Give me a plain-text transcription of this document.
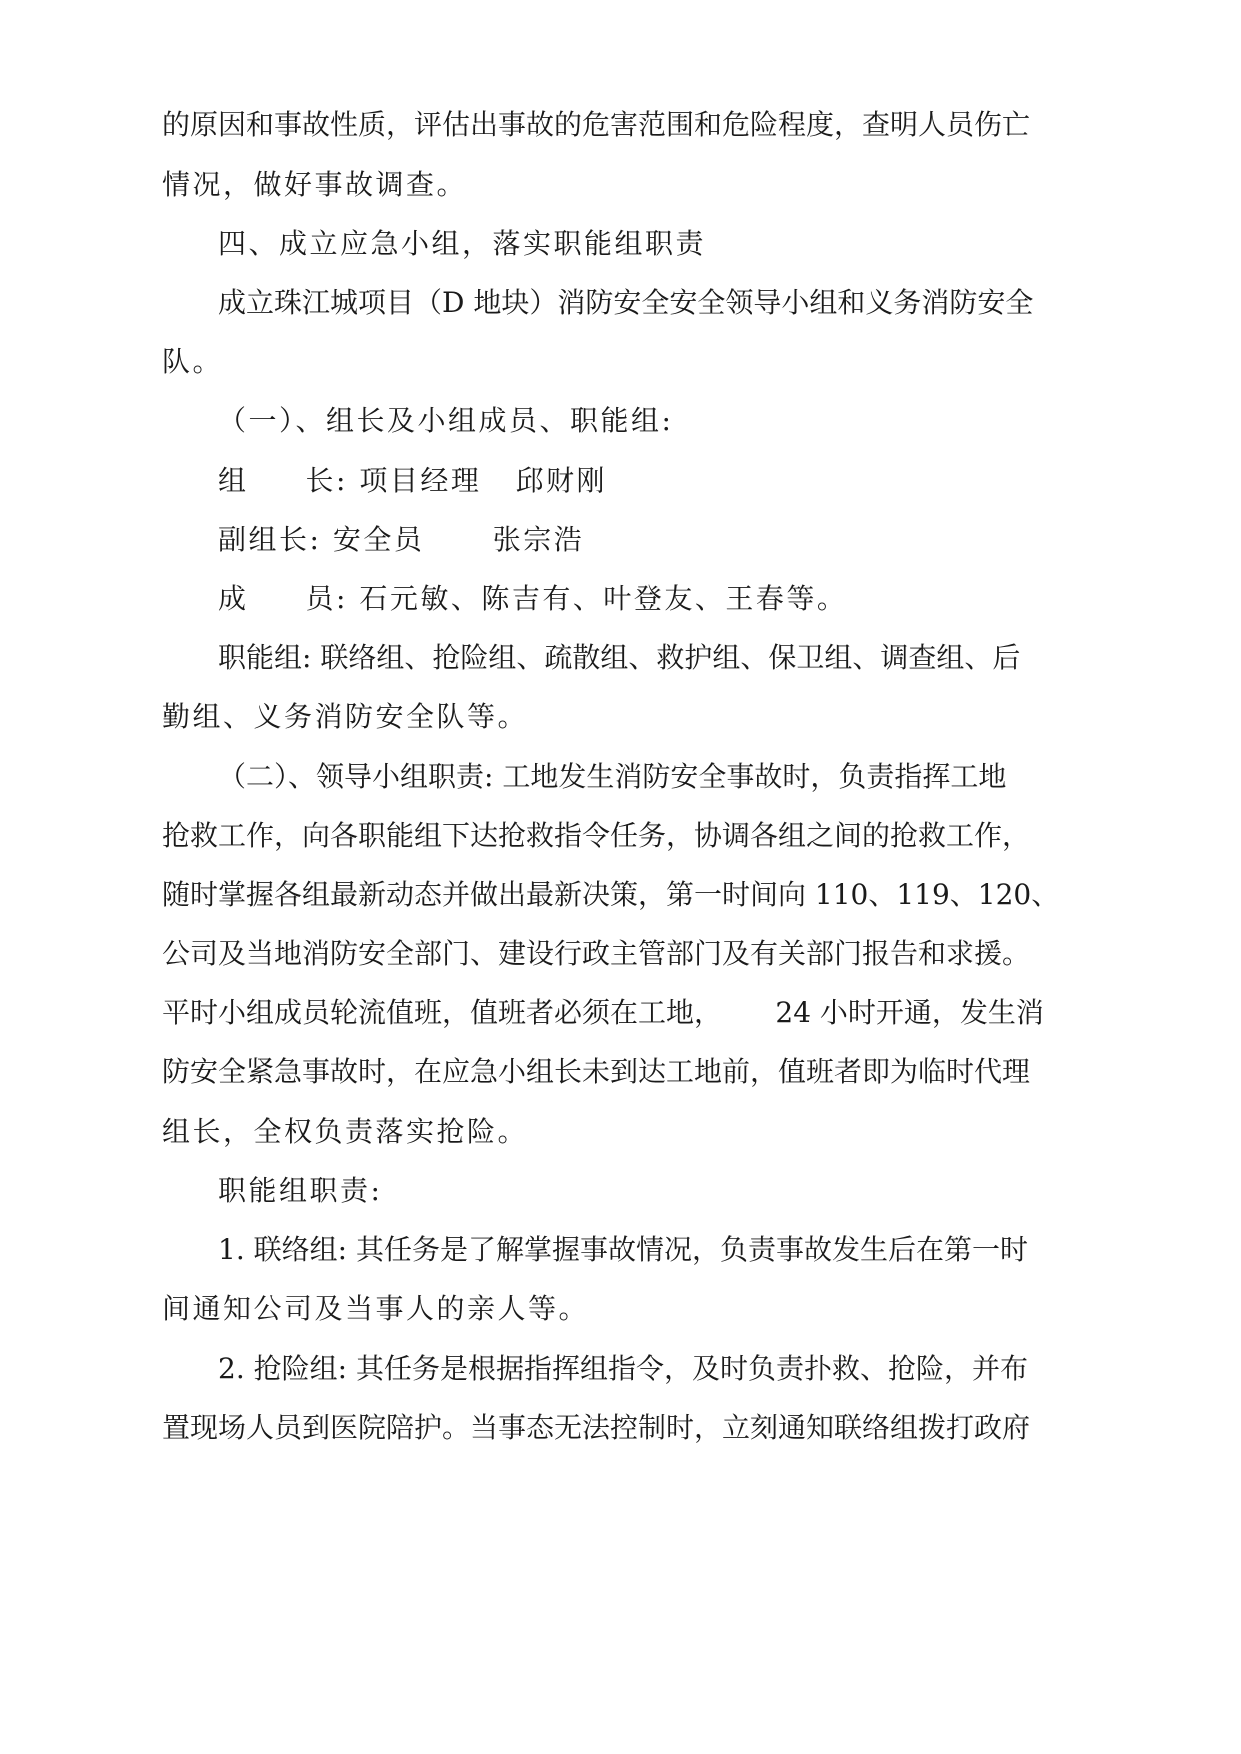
的原因和事故性质，评估出事故的危害范围和危险程度，查明人员伤亡
情况，做好事故调查。
四、成立应急小组，落实职能组职责
成立珠江城项目（D 地块）消防安全安全领导小组和义务消防安全
队。
（一）、组长及小组成员、职能组:
组     长: 项目经理   邱财刚
副组长: 安全员      张宗浩
成     员: 石元敏、陈吉有、叶登友、王春等。
职能组: 联络组、抢险组、疏散组、救护组、保卫组、调查组、后
勤组、义务消防安全队等。
（二）、领导小组职责: 工地发生消防安全事故时，负责指挥工地
抢救工作，向各职能组下达抢救指令任务，协调各组之间的抢救工作，
随时掌握各组最新动态并做出最新决策，第一时间向 110、119、120、
公司及当地消防安全部门、建设行政主管部门及有关部门报告和求援。
平时小组成员轮流值班，值班者必须在工地，      24 小时开通，发生消
防安全紧急事故时，在应急小组长未到达工地前，值班者即为临时代理
组长，全权负责落实抢险。
职能组职责:
1. 联络组: 其任务是了解掌握事故情况，负责事故发生后在第一时
间通知公司及当事人的亲人等。
2. 抢险组: 其任务是根据指挥组指令，及时负责扑救、抢险，并布
置现场人员到医院陪护。当事态无法控制时，立刻通知联络组拨打政府
